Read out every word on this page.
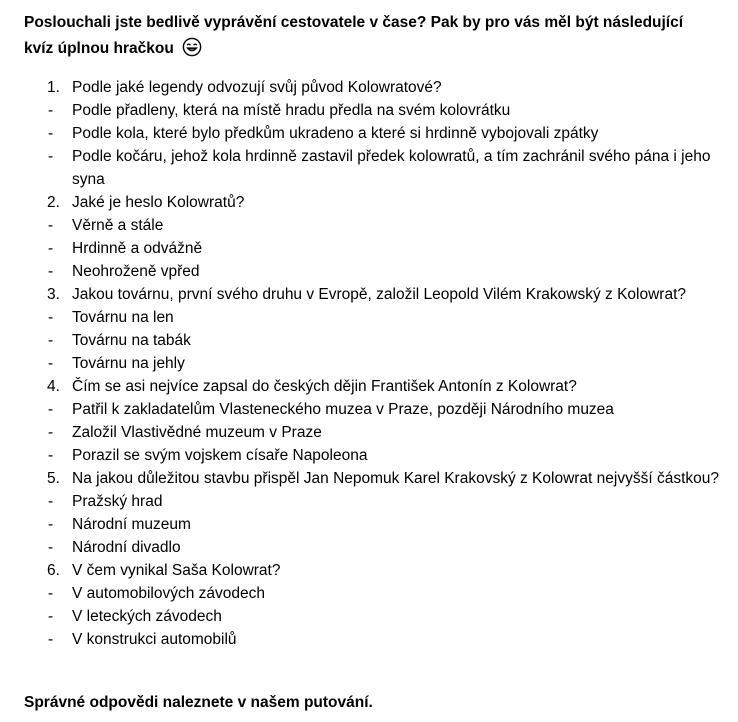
Poslouchali jste bedlivě vyprávění cestovatele v čase? Pak by pro vás měl být následující
kvíz úplnou hračkou

1. Podle jaké legendy odvozují svůj původ Kolowratové?
- Podle přadleny, která na místě hradu předla na svém kolovrátku
- Podle kola, které bylo předkům ukradeno a které si hrdinně vybojovali zpátky
- Podle kočáru, jehož kola hrdinně zastavil předek kolowratů, a tím zachránil svého pána i jeho syna
2. Jaké je heslo Kolowratů?
- Věrně a stále
- Hrdinně a odvážně
- Neohroženě vpřed
3. Jakou továrnu, první svého druhu v Evropě, založil Leopold Vilém Krakowský z Kolowrat?
- Továrnu na len
- Továrnu na tabák
- Továrnu na jehly
4. Čím se asi nejvíce zapsal do českých dějin František Antonín z Kolowrat?
- Patřil k zakladatelům Vlasteneckého muzea v Praze, později Národního muzea
- Založil Vlastivědné muzeum v Praze
- Porazil se svým vojskem císaře Napoleona
5. Na jakou důležitou stavbu přispěl Jan Nepomuk Karel Krakovský z Kolowrat nejvyšší částkou?
- Pražský hrad
- Národní muzeum
- Národní divadlo
6. V čem vynikal Saša Kolowrat?
- V automobilových závodech
- V leteckých závodech
- V konstrukci automobilů

Správné odpovědi naleznete v našem putování.
